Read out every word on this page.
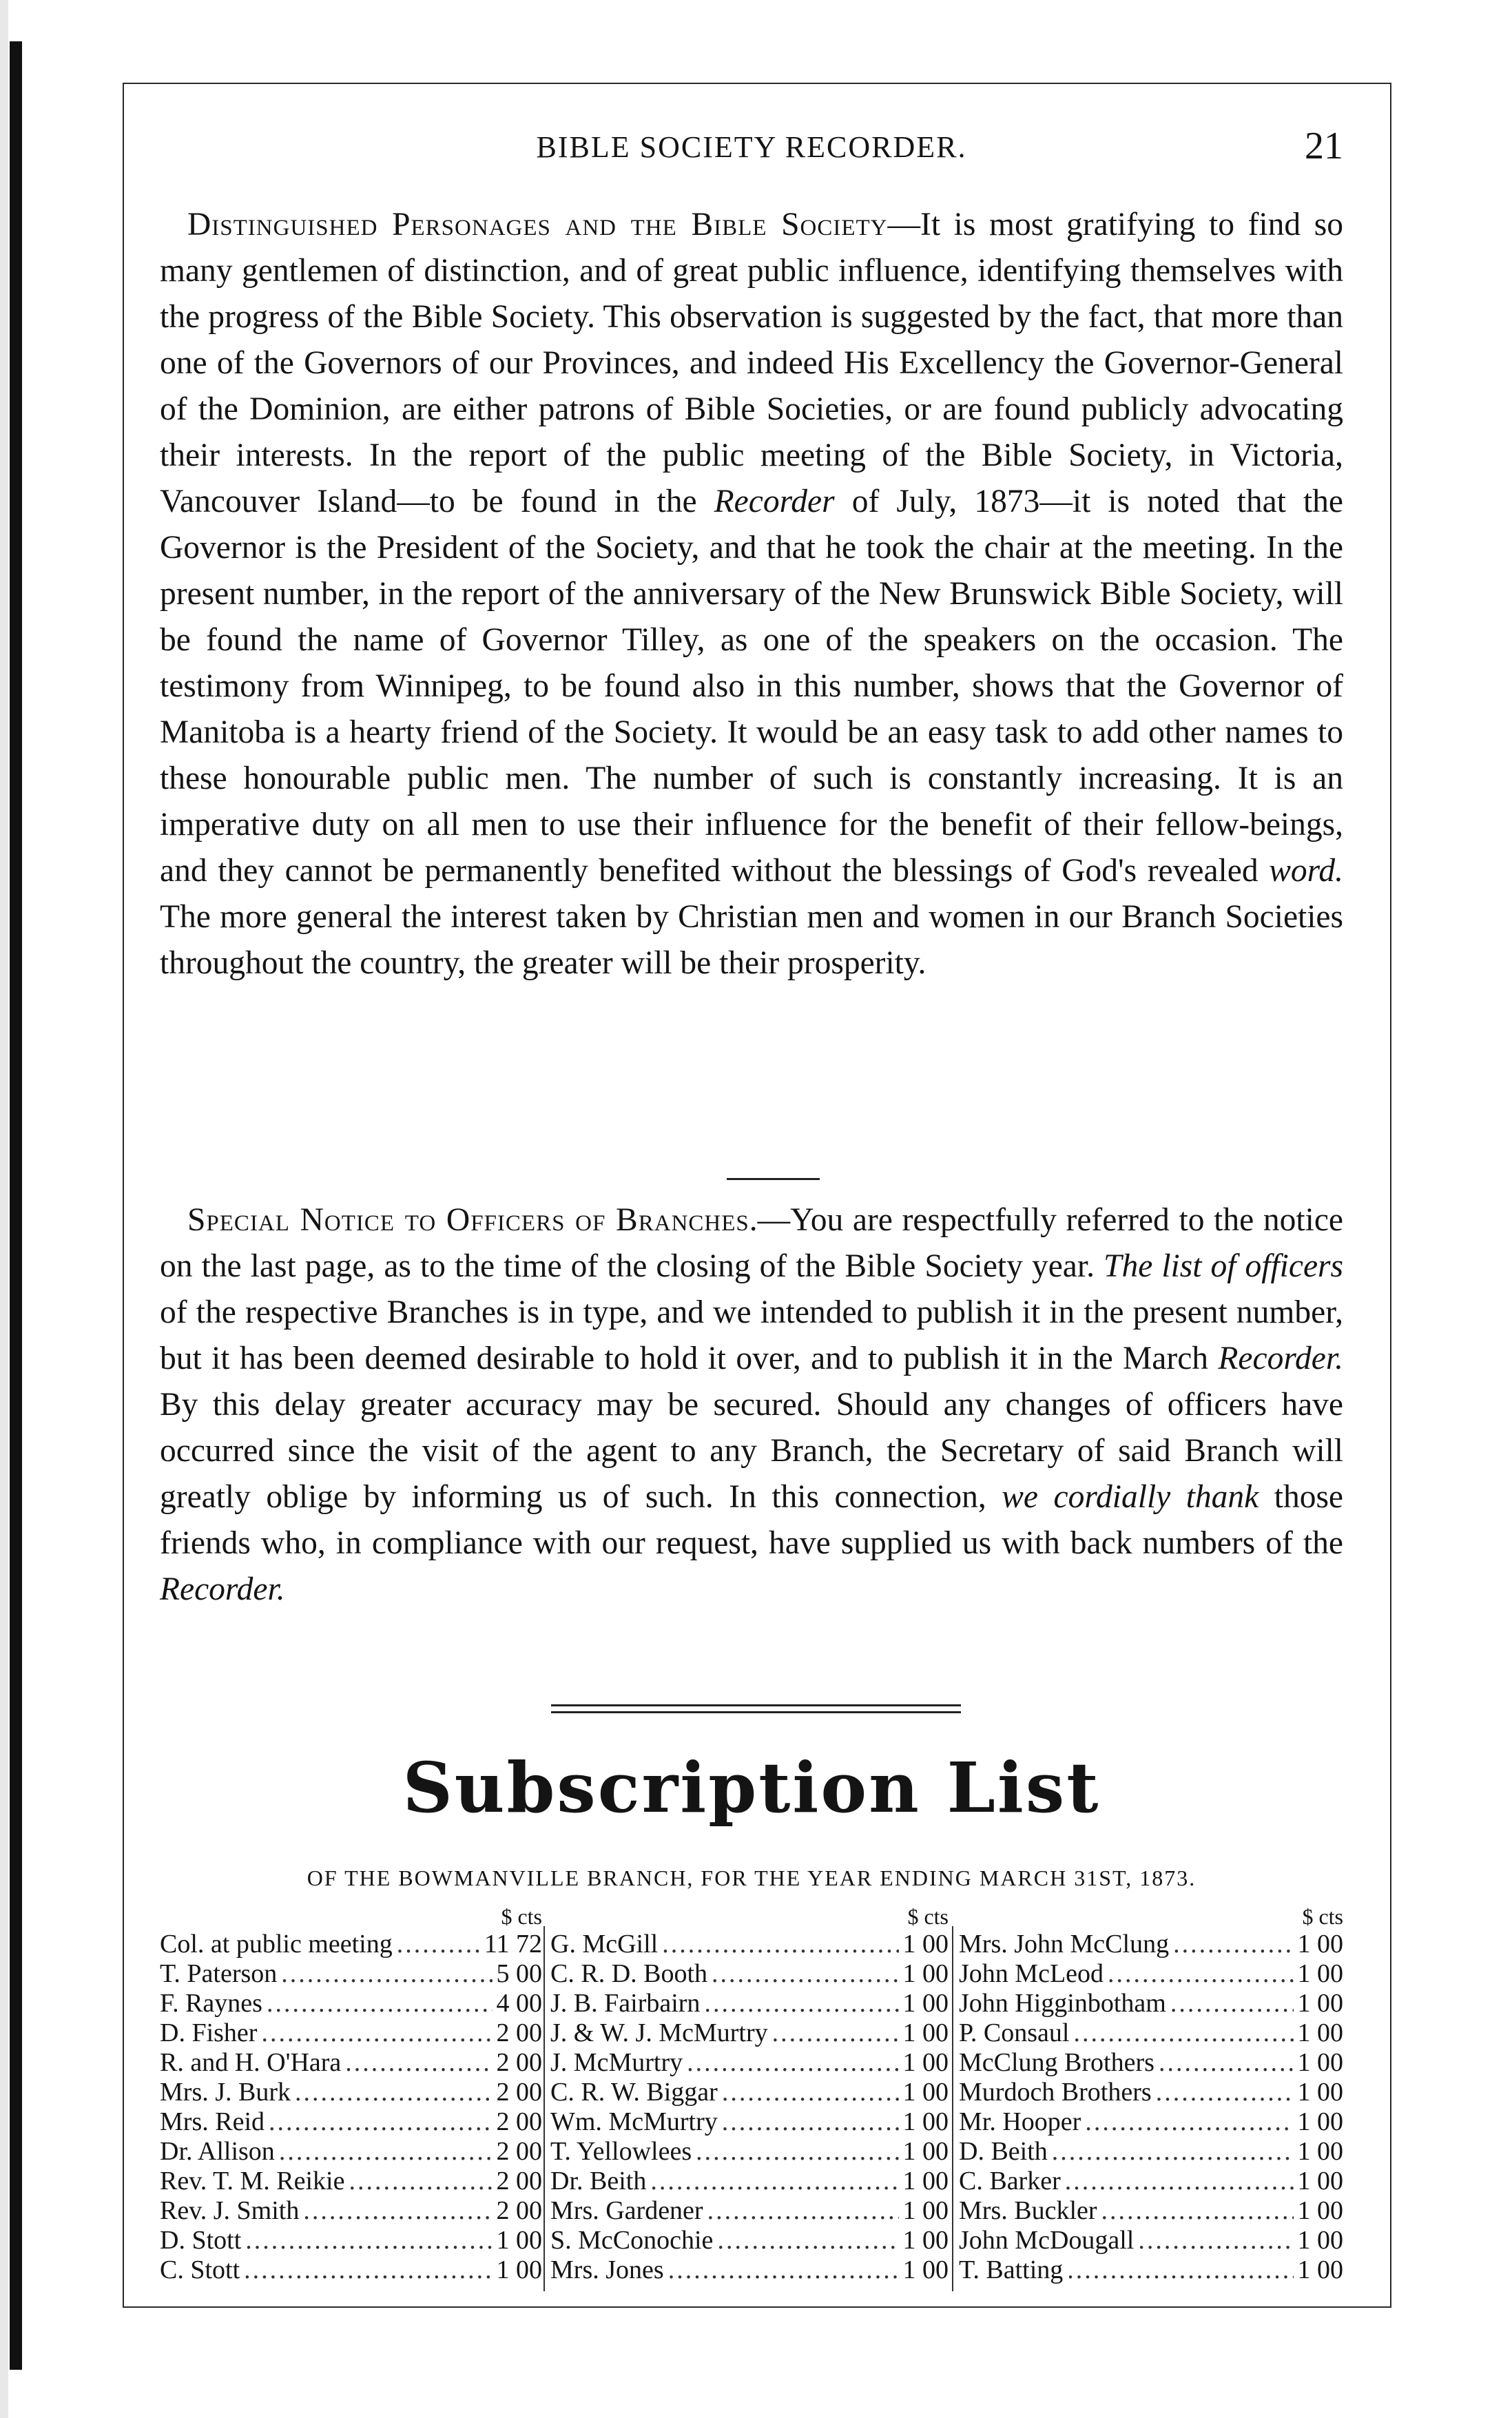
BIBLE SOCIETY RECORDER.	21

Distinguished Personages and the Bible Society—It is most gratifying to find so many gentlemen of distinction, and of great public influence, identifying themselves with the progress of the Bible Society. This observation is suggested by the fact, that more than one of the Governors of our Provinces, and indeed His Excellency the Governor-General of the Dominion, are either patrons of Bible Societies, or are found publicly advocating their interests. In the report of the public meeting of the Bible Society, in Victoria, Vancouver Island—to be found in the Recorder of July, 1873—it is noted that the Governor is the President of the Society, and that he took the chair at the meeting. In the present number, in the report of the anniversary of the New Brunswick Bible Society, will be found the name of Governor Tilley, as one of the speakers on the occasion. The testimony from Winnipeg, to be found also in this number, shows that the Governor of Manitoba is a hearty friend of the Society. It would be an easy task to add other names to these honourable public men. The number of such is constantly increasing. It is an imperative duty on all men to use their influence for the benefit of their fellow-beings, and they cannot be permanently benefited without the blessings of God's revealed word. The more general the interest taken by Christian men and women in our Branch Societies throughout the country, the greater will be their prosperity.

Special Notice to Officers of Branches.—You are respectfully referred to the notice on the last page, as to the time of the closing of the Bible Society year. The list of officers of the respective Branches is in type, and we intended to publish it in the present number, but it has been deemed desirable to hold it over, and to publish it in the March Recorder. By this delay greater accuracy may be secured. Should any changes of officers have occurred since the visit of the agent to any Branch, the Secretary of said Branch will greatly oblige by informing us of such. In this connection, we cordially thank those friends who, in compliance with our request, have supplied us with back numbers of the Recorder.

Subscription List
OF THE BOWMANVILLE BRANCH, FOR THE YEAR ENDING MARCH 31ST, 1873.
$ cts
Col. at public meeting .....	11 72
T. Paterson .....	5 00
F. Raynes .....	4 00
D. Fisher .....	2 00
R. and H. O'Hara .....	2 00
Mrs. J. Burk .....	2 00
Mrs. Reid .....	2 00
Dr. Allison .....	2 00
Rev. T. M. Reikie .....	2 00
Rev. J. Smith .....	2 00
D. Stott .....	1 00
C. Stott .....	1 00
$ cts
G. McGill .....	1 00
C. R. D. Booth .....	1 00
J. B. Fairbairn .....	1 00
J. & W. J. McMurtry .....	1 00
J. McMurtry .....	1 00
C. R. W. Biggar .....	1 00
Wm. McMurtry .....	1 00
T. Yellowlees .....	1 00
Dr. Beith .....	1 00
Mrs. Gardener .....	1 00
S. McConochie .....	1 00
Mrs. Jones .....	1 00
$ cts
Mrs. John McClung .....	1 00
John McLeod .....	1 00
John Higginbotham .....	1 00
P. Consaul .....	1 00
McClung Brothers .....	1 00
Murdoch Brothers .....	1 00
Mr. Hooper .....	1 00
D. Beith .....	1 00
C. Barker .....	1 00
Mrs. Buckler .....	1 00
John McDougall .....	1 00
T. Batting .....	1 00
